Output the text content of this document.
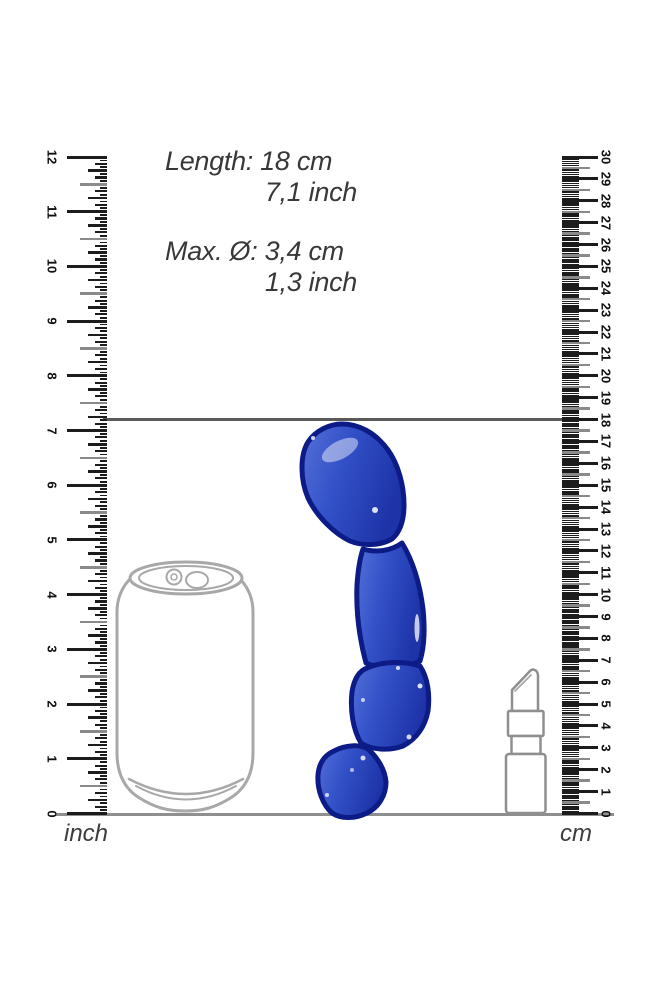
Length: 18 cm
7,1 inch
Max. Ø: 3,4 cm
1,3 inch
0
1
2
3
4
5
6
7
8
9
10
11
12
0
1
2
3
4
5
6
7
8
9
10
11
12
13
14
15
16
17
18
19
20
21
22
23
24
25
26
27
28
29
30
inch	cm
